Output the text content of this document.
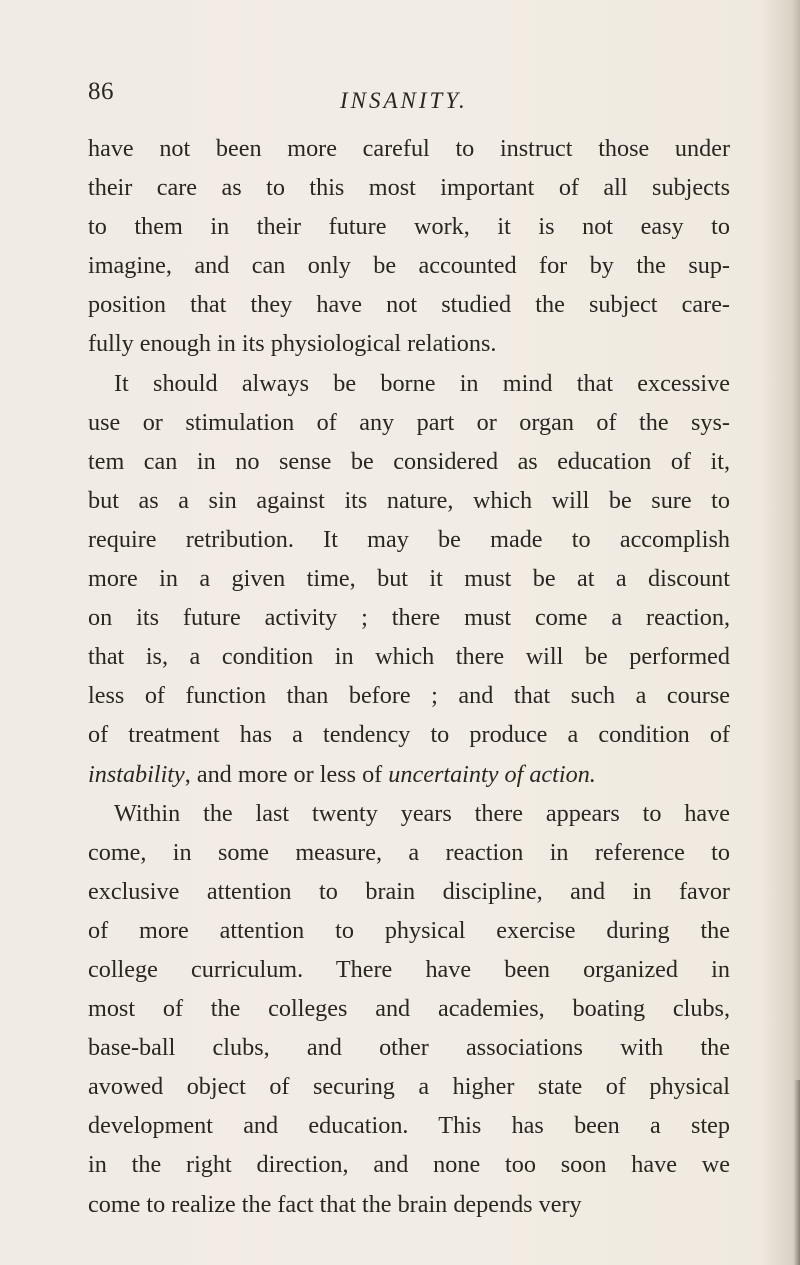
86	INSANITY.
have not been more careful to instruct those under
their care as to this most important of all subjects
to them in their future work, it is not easy to
imagine, and can only be accounted for by the sup-
position that they have not studied the subject care-
fully enough in its physiological relations.
It should always be borne in mind that excessive
use or stimulation of any part or organ of the sys-
tem can in no sense be considered as education of it,
but as a sin against its nature, which will be sure to
require retribution. It may be made to accomplish
more in a given time, but it must be at a discount
on its future activity ; there must come a reaction,
that is, a condition in which there will be performed
less of function than before ; and that such a course
of treatment has a tendency to produce a condition of
instability, and more or less of uncertainty of action.
Within the last twenty years there appears to have
come, in some measure, a reaction in reference to
exclusive attention to brain discipline, and in favor
of more attention to physical exercise during the
college curriculum. There have been organized in
most of the colleges and academies, boating clubs,
base-ball clubs, and other associations with the
avowed object of securing a higher state of physical
development and education. This has been a step
in the right direction, and none too soon have we
come to realize the fact that the brain depends very
